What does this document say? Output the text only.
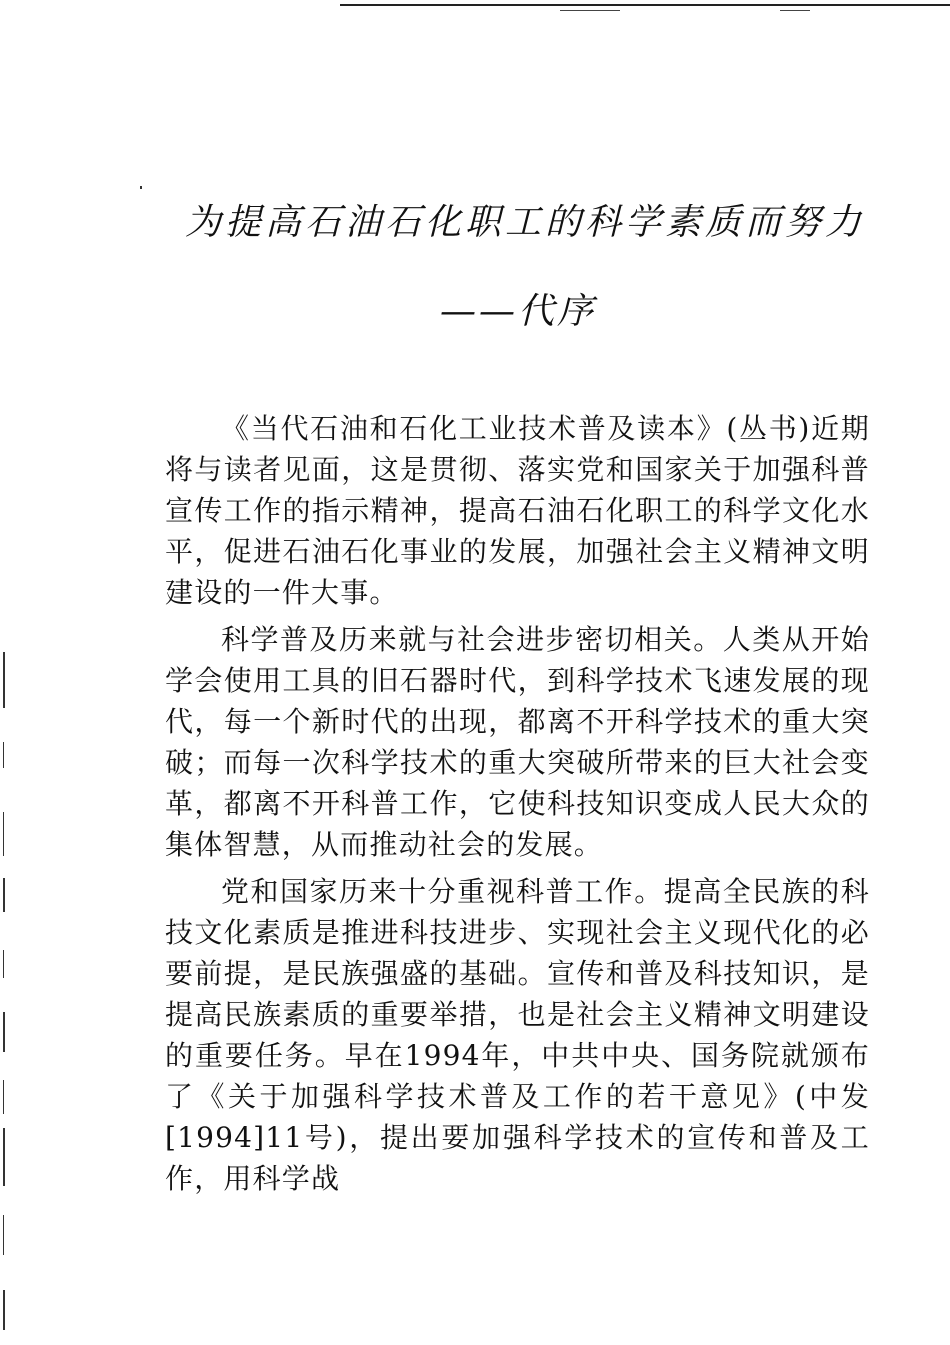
为提高石油石化职工的科学素质而努力
——代序

《当代石油和石化工业技术普及读本》(丛书)近期将与读者见面，这是贯彻、落实党和国家关于加强科普宣传工作的指示精神，提高石油石化职工的科学文化水平，促进石油石化事业的发展，加强社会主义精神文明建设的一件大事。

科学普及历来就与社会进步密切相关。人类从开始学会使用工具的旧石器时代，到科学技术飞速发展的现代，每一个新时代的出现，都离不开科学技术的重大突破；而每一次科学技术的重大突破所带来的巨大社会变革，都离不开科普工作，它使科技知识变成人民大众的集体智慧，从而推动社会的发展。

党和国家历来十分重视科普工作。提高全民族的科技文化素质是推进科技进步、实现社会主义现代化的必要前提，是民族强盛的基础。宣传和普及科技知识，是提高民族素质的重要举措，也是社会主义精神文明建设的重要任务。早在1994年，中共中央、国务院就颁布了《关于加强科学技术普及工作的若干意见》(中发[1994]11号)，提出要加强科学技术的宣传和普及工作，用科学战
